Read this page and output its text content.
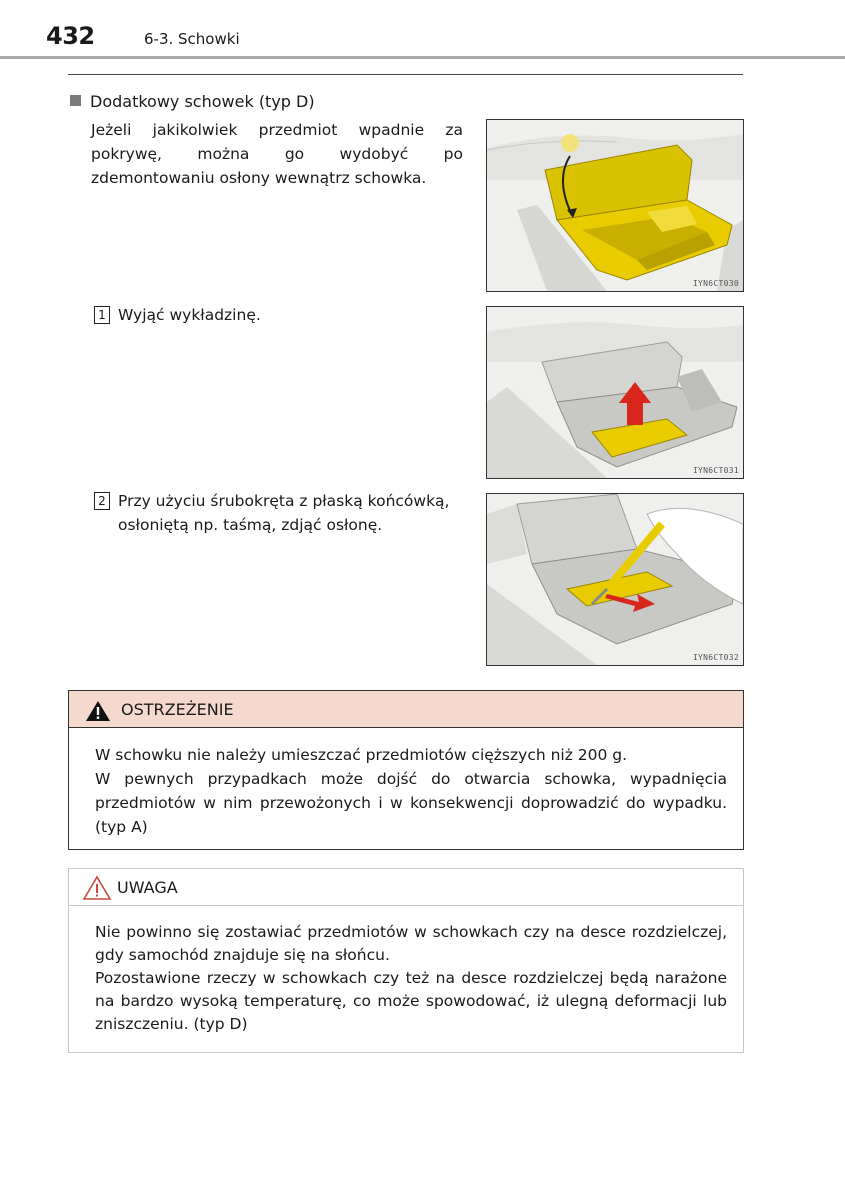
432	6-3. Schowki
Dodatkowy schowek (typ D)
Jeżeli jakikolwiek przedmiot wpadnie za pokrywę, można go wydobyć po zdemontowaniu osłony wewnątrz schowka.
1 Wyjąć wykładzinę.
2 Przy użyciu śrubokręta z płaską końcówką, osłoniętą np. taśmą, zdjąć osłonę.
IYN6CT030
IYN6CT031
IYN6CT032
OSTRZEŻENIE

W schowku nie należy umieszczać przedmiotów cięższych niż 200 g.

W pewnych przypadkach może dojść do otwarcia schowka, wypadnięcia przedmiotów w nim przewożonych i w konsekwencji doprowadzić do wypadku. (typ A)

UWAGA

Nie powinno się zostawiać przedmiotów w schowkach czy na desce rozdzielczej, gdy samochód znajduje się na słońcu.

Pozostawione rzeczy w schowkach czy też na desce rozdzielczej będą narażone na bardzo wysoką temperaturę, co może spowodować, iż ulegną deformacji lub zniszczeniu. (typ D)
